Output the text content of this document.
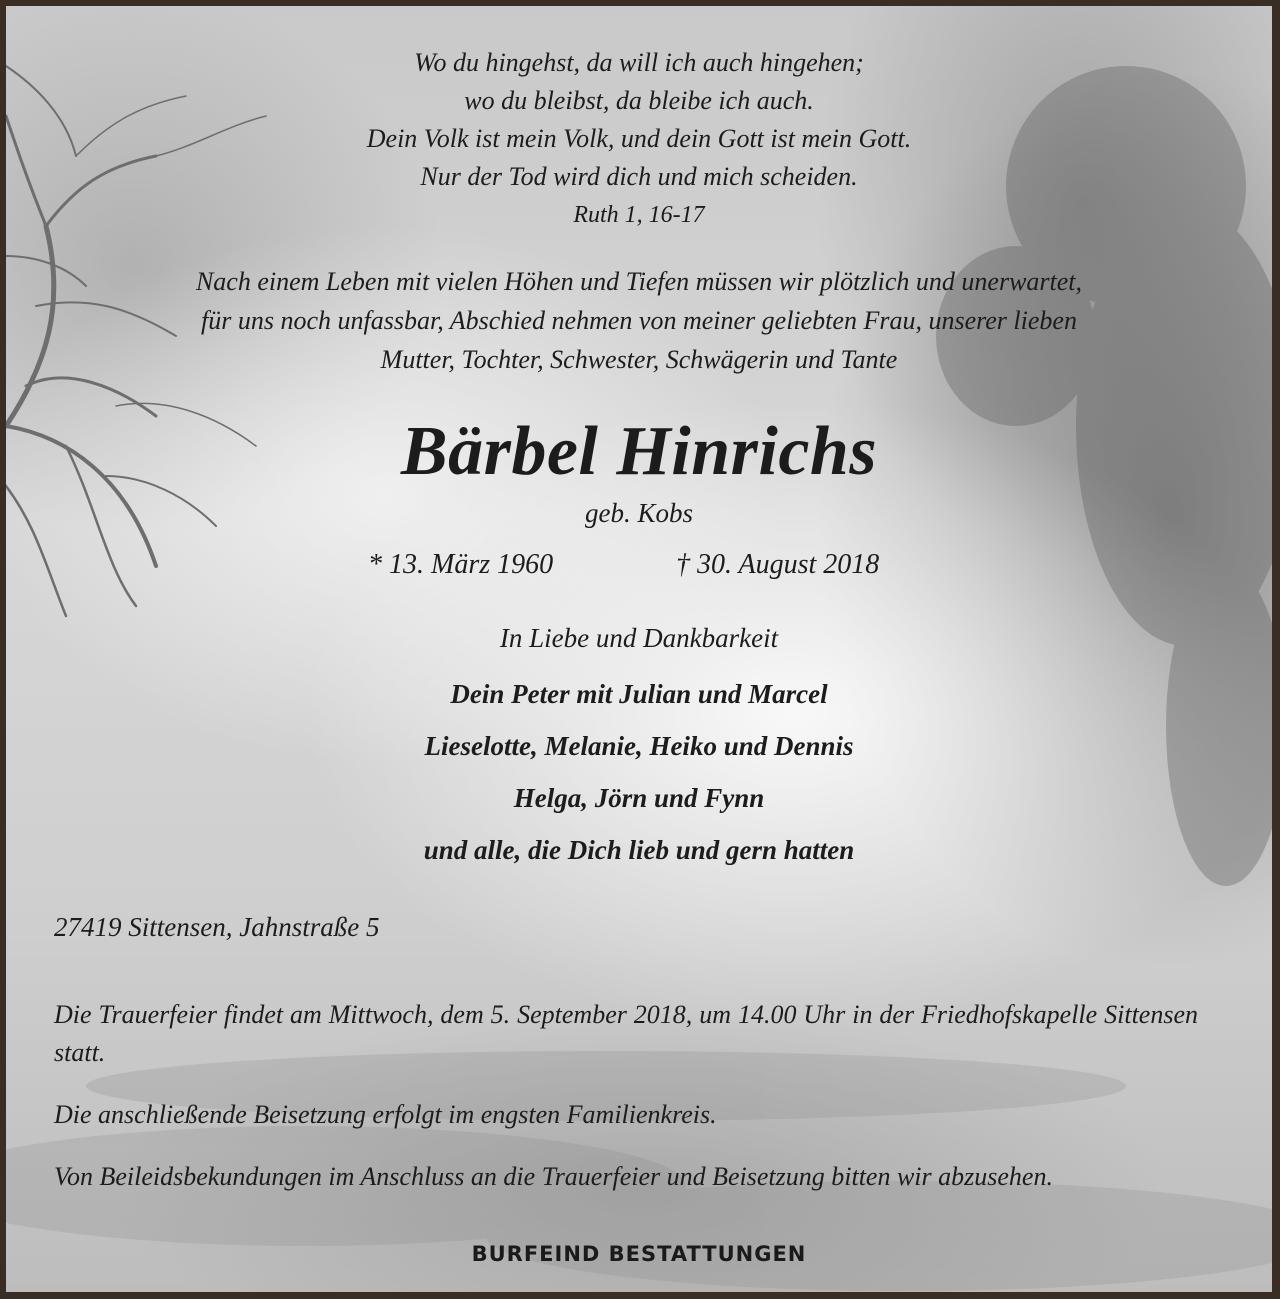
Wo du hingehst, da will ich auch hingehen;
wo du bleibst, da bleibe ich auch.
Dein Volk ist mein Volk, und dein Gott ist mein Gott.
Nur der Tod wird dich und mich scheiden.
Ruth 1, 16-17
Nach einem Leben mit vielen Höhen und Tiefen müssen wir plötzlich und unerwartet,
für uns noch unfassbar, Abschied nehmen von meiner geliebten Frau, unserer lieben
Mutter, Tochter, Schwester, Schwägerin und Tante
Bärbel Hinrichs
geb. Kobs
* 13. März 1960	† 30. August 2018
In Liebe und Dankbarkeit
Dein Peter mit Julian und Marcel
Lieselotte, Melanie, Heiko und Dennis
Helga, Jörn und Fynn
und alle, die Dich lieb und gern hatten
27419 Sittensen, Jahnstraße 5
Die Trauerfeier findet am Mittwoch, dem 5. September 2018, um 14.00 Uhr in der Friedhofskapelle Sittensen statt.
Die anschließende Beisetzung erfolgt im engsten Familienkreis.
Von Beileidsbekundungen im Anschluss an die Trauerfeier und Beisetzung bitten wir abzusehen.
BURFEIND BESTATTUNGEN
